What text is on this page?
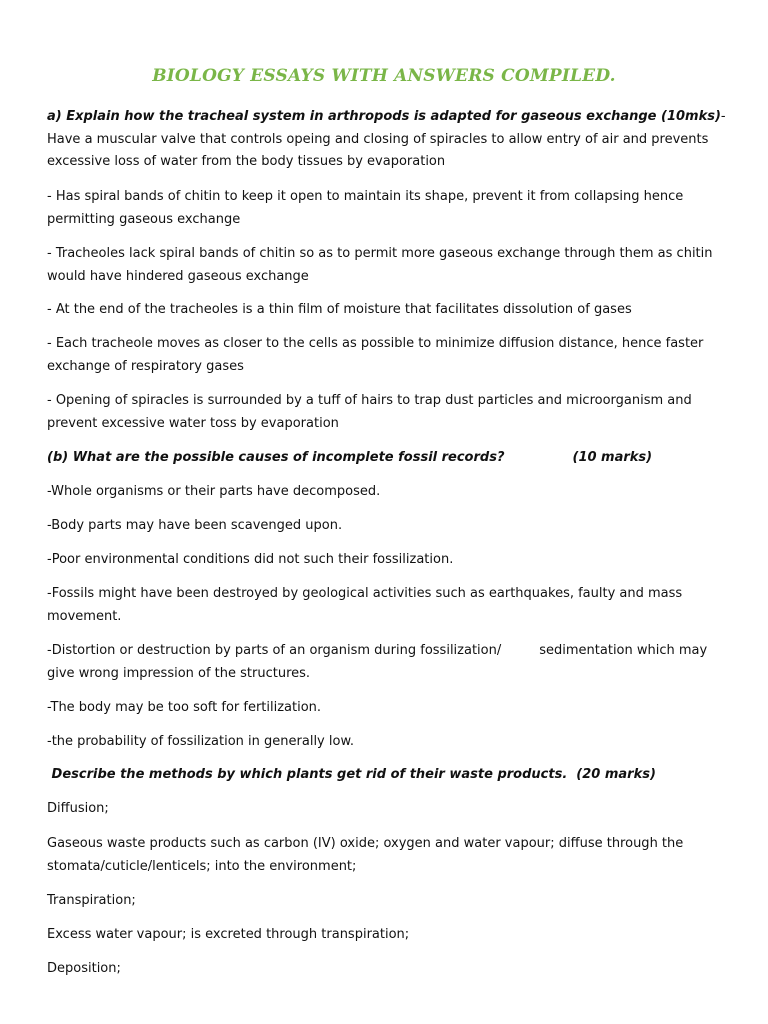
BIOLOGY ESSAYS WITH ANSWERS COMPILED.
a) Explain how the tracheal system in arthropods is adapted for gaseous exchange (10mks)- Have a muscular valve that controls opeing and closing of spiracles to allow entry of air and prevents excessive loss of water from the body tissues by evaporation
- Has spiral bands of chitin to keep it open to maintain its shape, prevent it from collapsing hence permitting gaseous exchange
- Tracheoles lack spiral bands of chitin so as to permit more gaseous exchange through them as chitin would have hindered gaseous exchange
- At the end of the tracheoles is a thin film of moisture that facilitates dissolution of gases
- Each tracheole moves as closer to the cells as possible to minimize diffusion distance, hence faster exchange of respiratory gases
- Opening of spiracles is surrounded by a tuff of hairs to trap dust particles and microorganism and prevent excessive water toss by evaporation
(b) What are the possible causes of incomplete fossil records?	(10 marks)
-Whole organisms or their parts have decomposed.
-Body parts may have been scavenged upon.
-Poor environmental conditions did not such their fossilization.
-Fossils might have been destroyed by geological activities such as earthquakes, faulty and mass movement.
-Distortion or destruction by parts of an organism during fossilization/	sedimentation which may give wrong impression of the structures.
-The body may be too soft for fertilization.
-the probability of fossilization in generally low.
Describe the methods by which plants get rid of their waste products.  (20 marks)
Diffusion;
Gaseous waste products such as carbon (IV) oxide; oxygen and water vapour; diffuse through the stomata/cuticle/lenticels; into the environment;
Transpiration;
Excess water vapour; is excreted through transpiration;
Deposition;
